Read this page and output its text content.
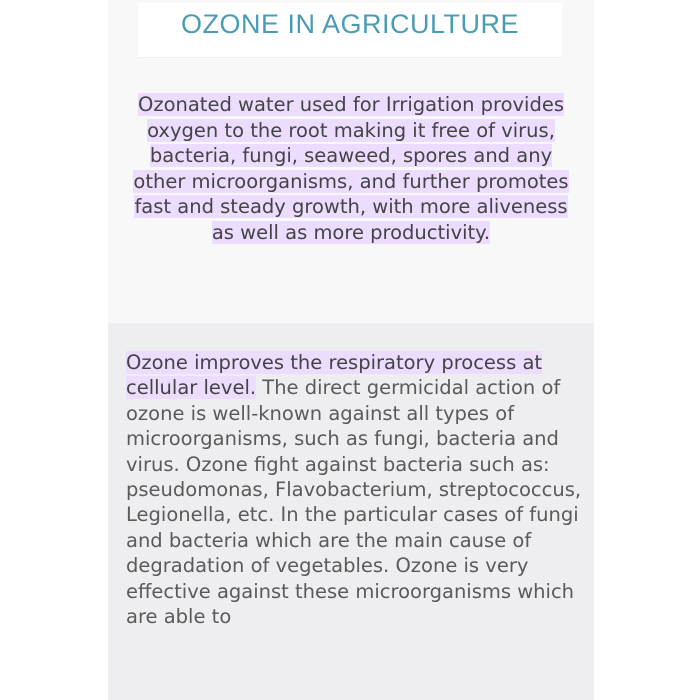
OZONE IN AGRICULTURE
Ozonated water used for Irrigation provides oxygen to the root making it free of virus, bacteria, fungi, seaweed, spores and any other microorganisms, and further promotes fast and steady growth, with more aliveness as well as more productivity.
Ozone improves the respiratory process at cellular level. The direct germicidal action of ozone is well-known against all types of microorganisms, such as fungi, bacteria and virus. Ozone fight against bacteria such as: pseudomonas, Flavobacterium, streptococcus, Legionella, etc. In the particular cases of fungi and bacteria which are the main cause of degradation of vegetables. Ozone is very effective against these microorganisms which are able to
